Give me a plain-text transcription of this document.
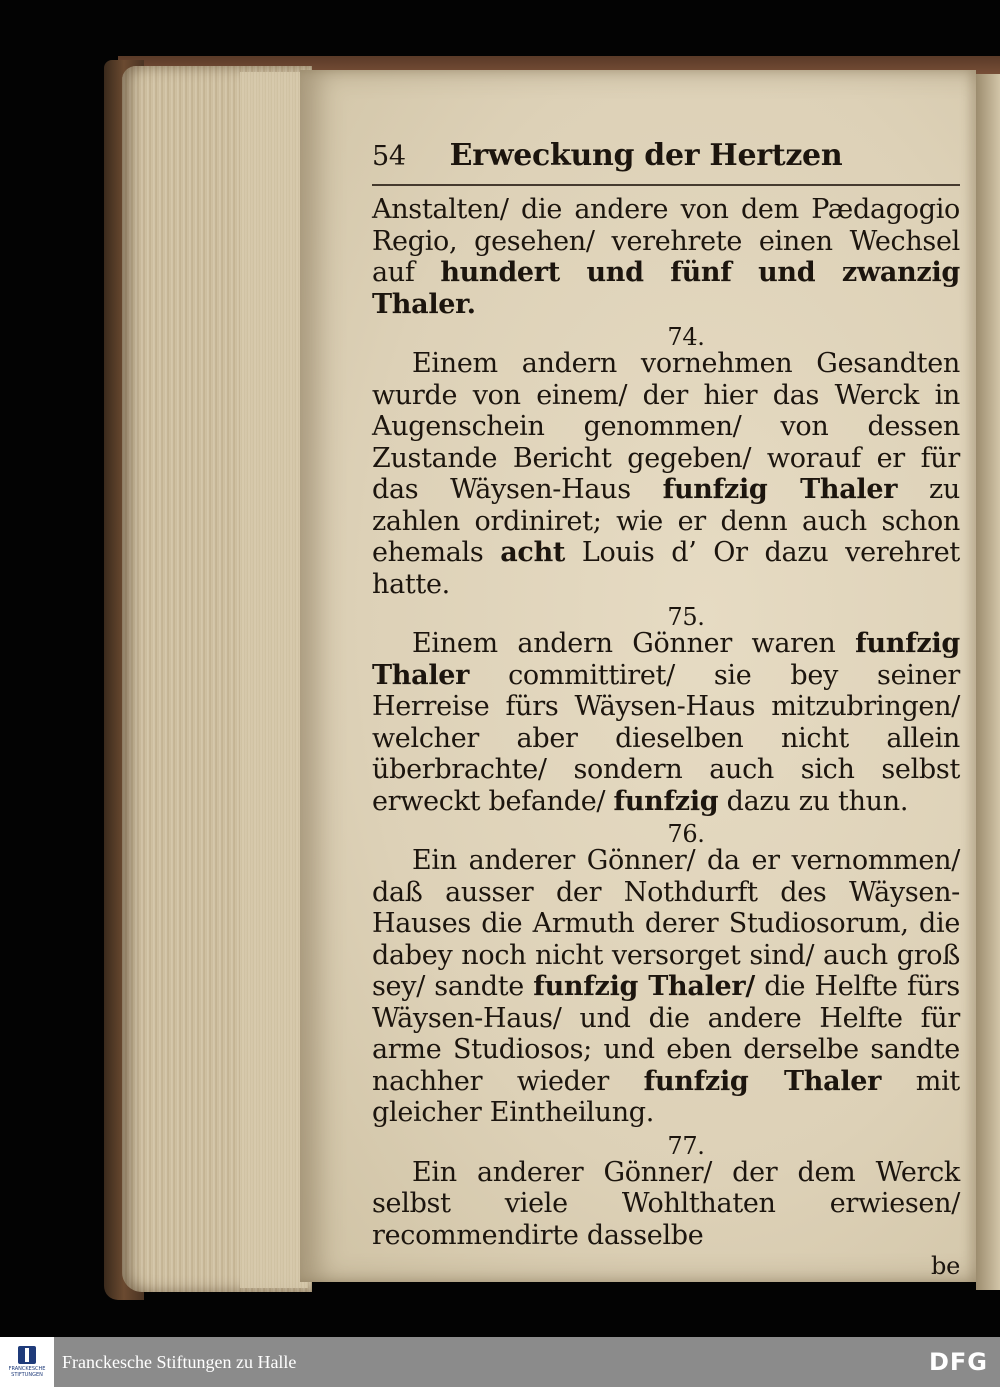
54	Erweckung der Hertzen

Anstalten/ die andere von dem Pædagogio Regio, gesehen/ verehrete einen Wechsel auf hundert und fünf und zwanzig Thaler.

74.

Einem andern vornehmen Gesandten wurde von einem/ der hier das Werck in Augenschein genommen/ von dessen Zustande Bericht gegeben/ worauf er für das Wäysen-Haus funfzig Thaler zu zahlen ordiniret; wie er denn auch schon ehemals acht Louis d’ Or dazu verehret hatte.

75.

Einem andern Gönner waren funfzig Thaler committiret/ sie bey seiner Herreise fürs Wäysen-Haus mitzubringen/ welcher aber dieselben nicht allein überbrachte/ sondern auch sich selbst erweckt befande/ funfzig dazu zu thun.

76.

Ein anderer Gönner/ da er vernommen/ daß ausser der Nothdurft des Wäysen-Hauses die Armuth derer Studiosorum, die dabey noch nicht versorget sind/ auch groß sey/ sandte funfzig Thaler/ die Helfte fürs Wäysen-Haus/ und die andere Helfte für arme Studiosos; und eben derselbe sandte nachher wieder funfzig Thaler mit gleicher Eintheilung.

77.

Ein anderer Gönner/ der dem Werck selbst viele Wohlthaten erwiesen/ recommendirte dasselbe

be
FRANCKESCHE STIFTUNGEN
Franckesche Stiftungen zu Halle	DFG
